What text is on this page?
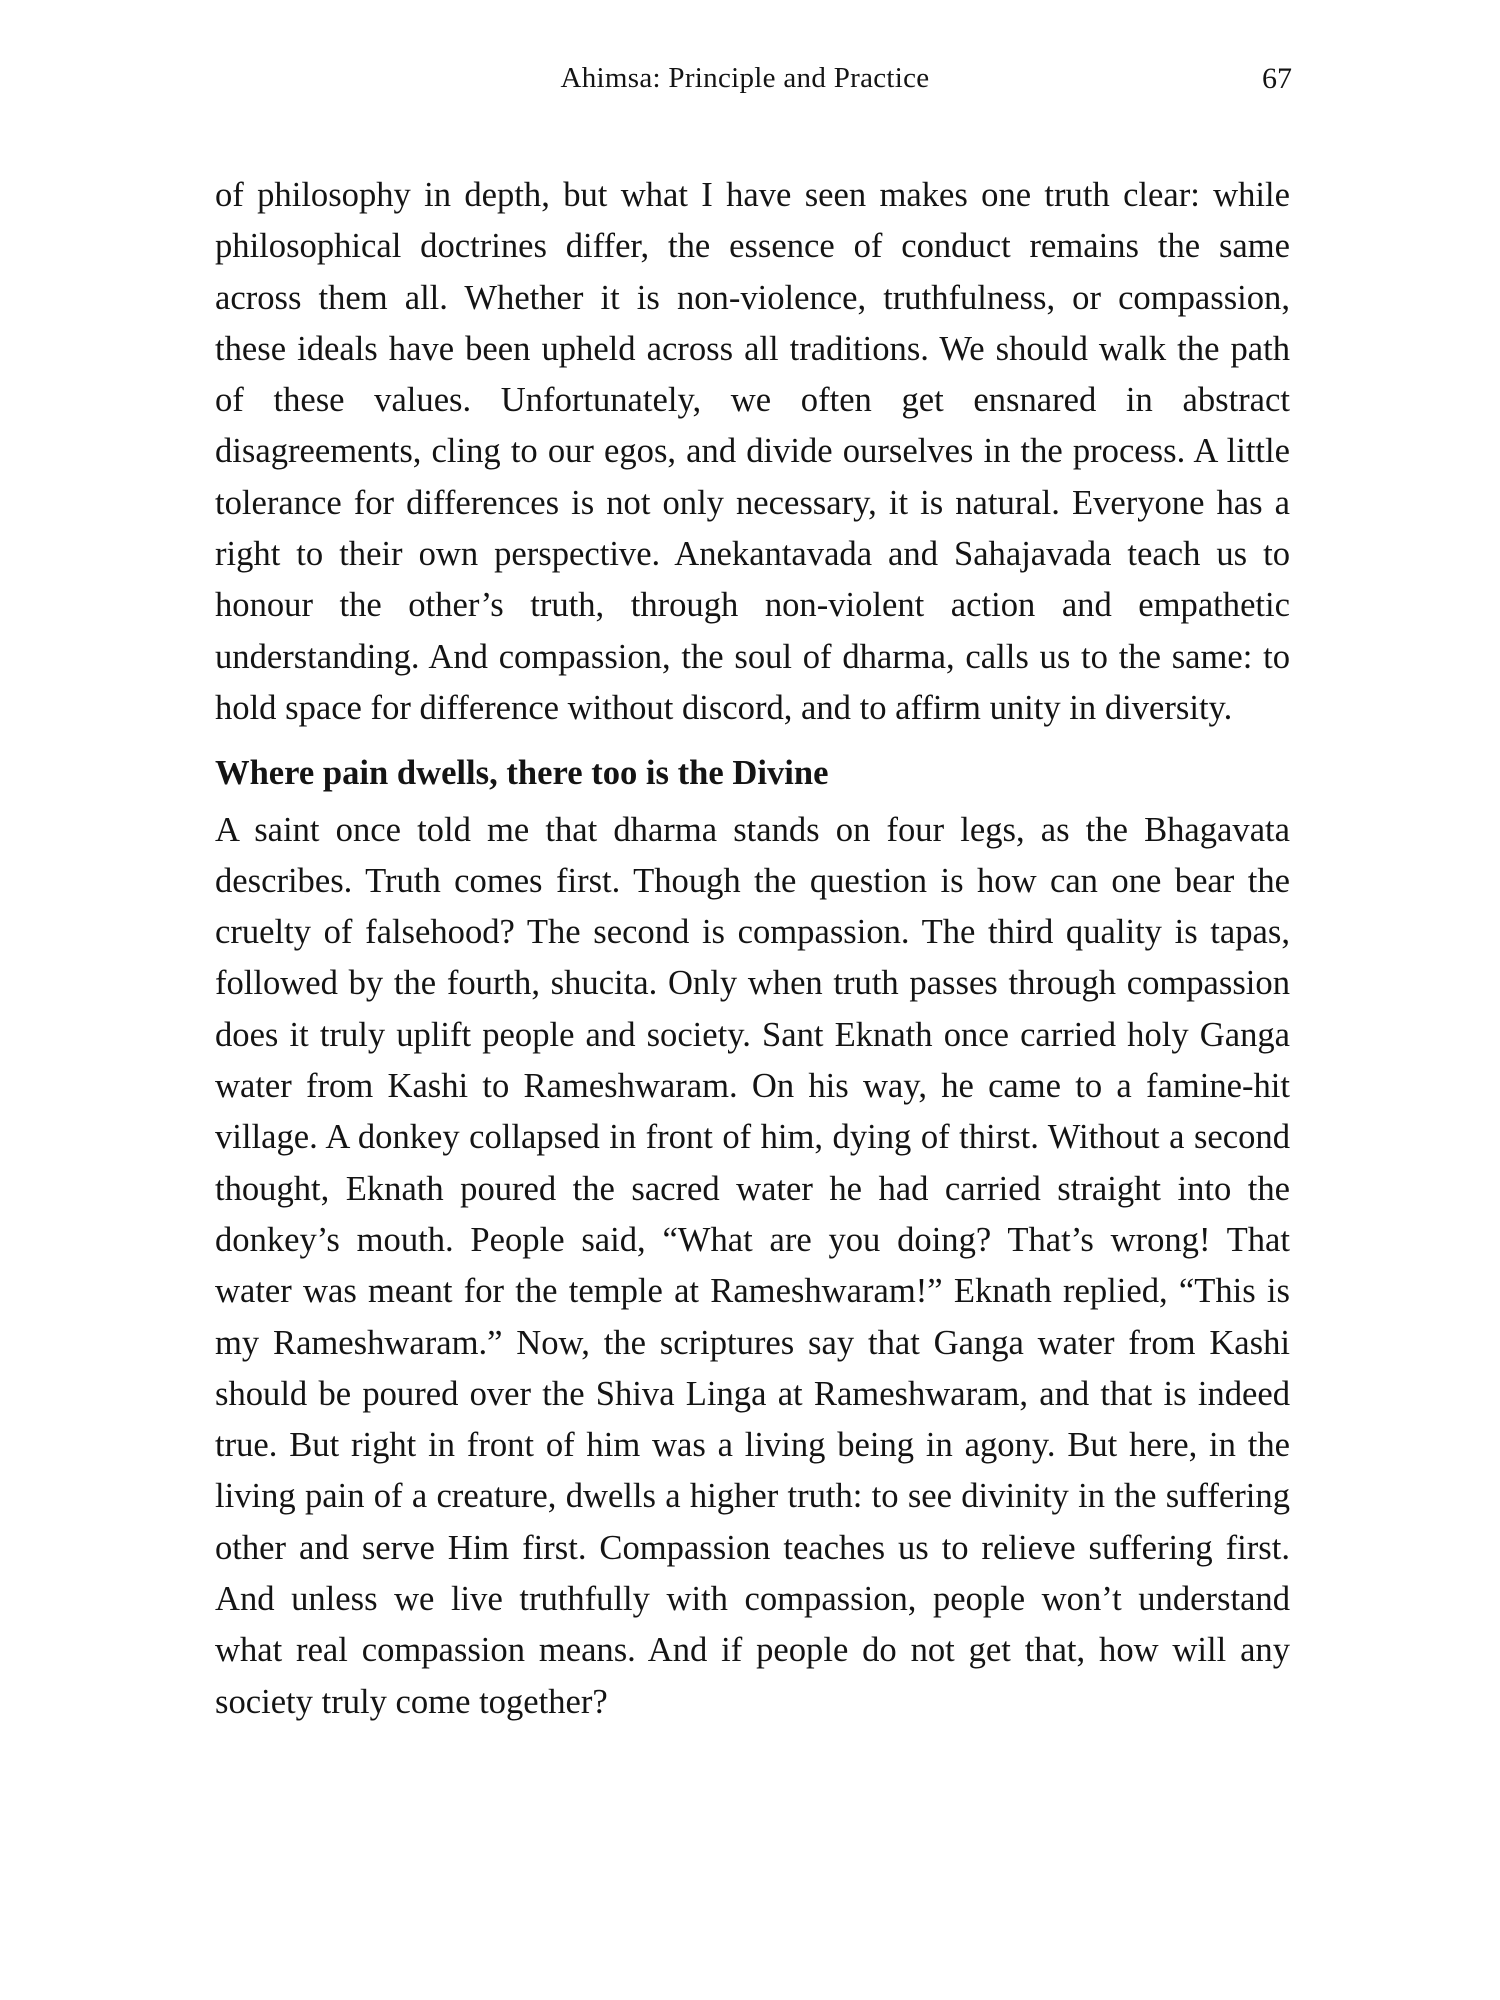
Ahimsa: Principle and Practice	67

of philosophy in depth, but what I have seen makes one truth clear: while philosophical doctrines differ, the essence of conduct remains the same across them all. Whether it is non-violence, truthfulness, or compassion, these ideals have been upheld across all traditions. We should walk the path of these values. Unfortunately, we often get ensnared in abstract disagreements, cling to our egos, and divide ourselves in the process. A little tolerance for differences is not only necessary, it is natural. Everyone has a right to their own perspective. Anekantavada and Sahajavada teach us to honour the other’s truth, through non-violent action and empathetic understanding. And compassion, the soul of dharma, calls us to the same: to hold space for difference without discord, and to affirm unity in diversity.

Where pain dwells, there too is the Divine

A saint once told me that dharma stands on four legs, as the Bhagavata describes. Truth comes first. Though the question is how can one bear the cruelty of falsehood? The second is compassion. The third quality is tapas, followed by the fourth, shucita. Only when truth passes through compassion does it truly uplift people and society. Sant Eknath once carried holy Ganga water from Kashi to Rameshwaram. On his way, he came to a famine-hit village. A donkey collapsed in front of him, dying of thirst. Without a second thought, Eknath poured the sacred water he had carried straight into the donkey’s mouth. People said, “What are you doing? That’s wrong! That water was meant for the temple at Rameshwaram!” Eknath replied, “This is my Rameshwaram.” Now, the scriptures say that Ganga water from Kashi should be poured over the Shiva Linga at Rameshwaram, and that is indeed true. But right in front of him was a living being in agony. But here, in the living pain of a creature, dwells a higher truth: to see divinity in the suffering other and serve Him first. Compassion teaches us to relieve suffering first. And unless we live truthfully with compassion, people won’t understand what real compassion means. And if people do not get that, how will any society truly come together?
